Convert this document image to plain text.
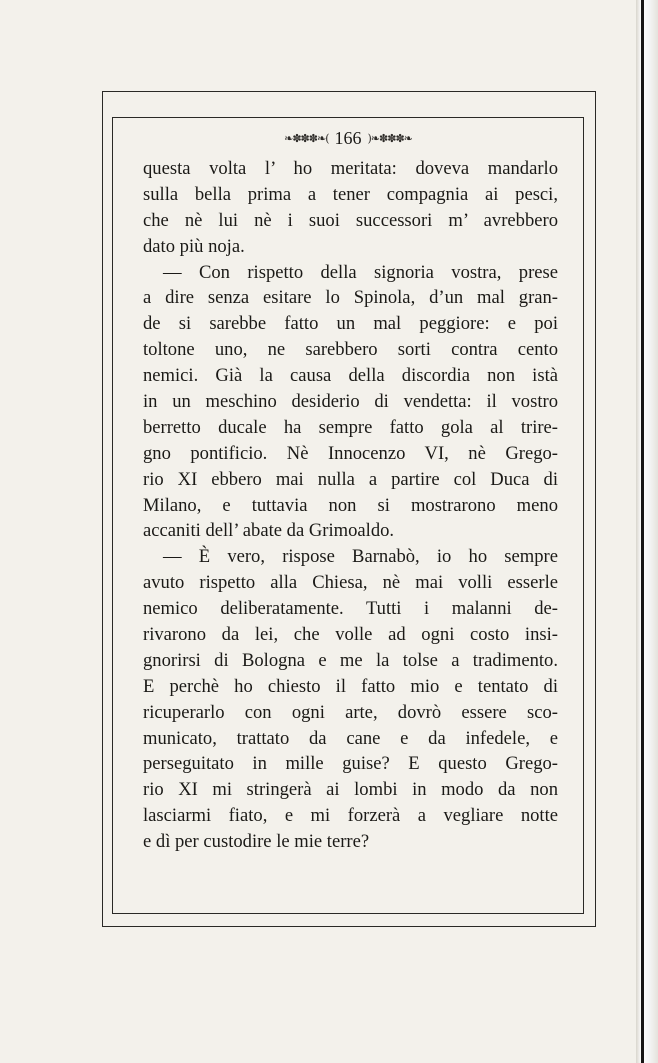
❧✽✽✽❧( 166 )❧✽✽✽❧
questa volta l’ ho meritata: doveva mandarlo
sulla bella prima a tener compagnia ai pesci,
che nè lui nè i suoi successori m’ avrebbero
dato più noja.
— Con rispetto della signoria vostra, prese
a dire senza esitare lo Spinola, d’un mal gran-
de si sarebbe fatto un mal peggiore: e poi
toltone uno, ne sarebbero sorti contra cento
nemici. Già la causa della discordia non istà
in un meschino desiderio di vendetta: il vostro
berretto ducale ha sempre fatto gola al trire-
gno pontificio. Nè Innocenzo VI, nè Grego-
rio XI ebbero mai nulla a partire col Duca di
Milano, e tuttavia non si mostrarono meno
accaniti dell’ abate da Grimoaldo.
— È vero, rispose Barnabò, io ho sempre
avuto rispetto alla Chiesa, nè mai volli esserle
nemico deliberatamente. Tutti i malanni de-
rivarono da lei, che volle ad ogni costo insi-
gnorirsi di Bologna e me la tolse a tradimento.
E perchè ho chiesto il fatto mio e tentato di
ricuperarlo con ogni arte, dovrò essere sco-
municato, trattato da cane e da infedele, e
perseguitato in mille guise? E questo Grego-
rio XI mi stringerà ai lombi in modo da non
lasciarmi fiato, e mi forzerà a vegliare notte
e dì per custodire le mie terre?
